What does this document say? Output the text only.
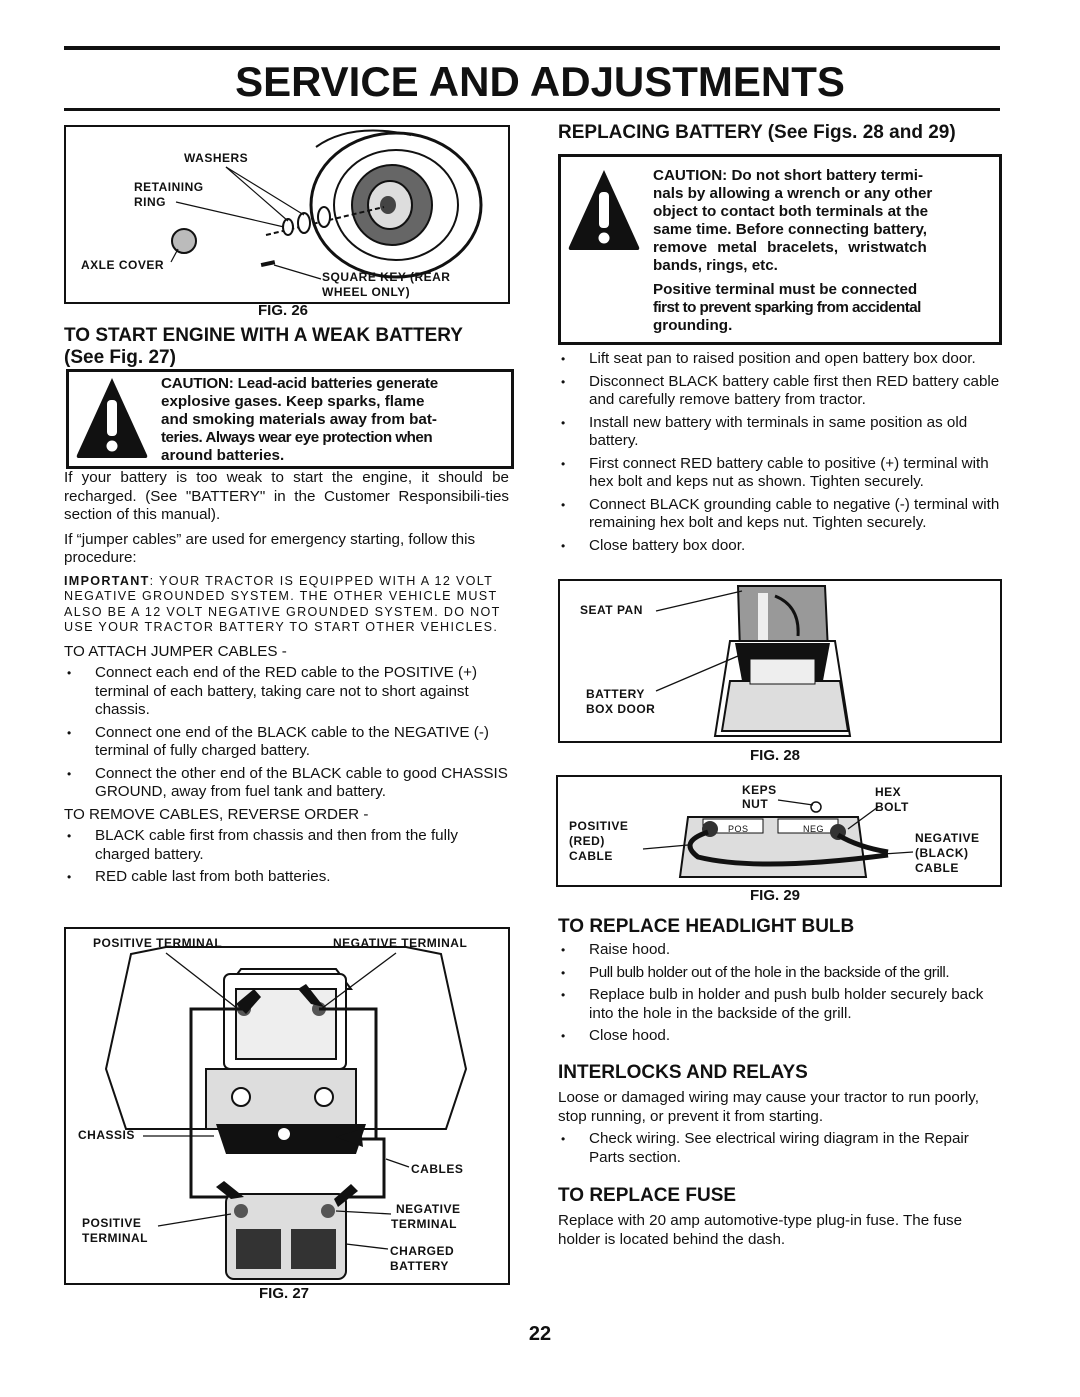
SERVICE AND ADJUSTMENTS
WASHERS
RETAINING
RING
AXLE COVER
SQUARE KEY (REAR
WHEEL ONLY)
FIG. 26
TO START ENGINE WITH A WEAK BATTERY
(See Fig. 27)
CAUTION: Lead-acid batteries generate
explosive gases. Keep sparks, flame
and smoking materials away from bat-
teries. Always wear eye protection when
around batteries.

If your battery is too weak to start the engine, it should be recharged. (See "BATTERY" in the Customer Responsibili-ties section of this manual).

If “jumper cables” are used for emergency starting, follow this procedure:

IMPORTANT: YOUR TRACTOR IS EQUIPPED WITH A 12 VOLT NEGATIVE GROUNDED SYSTEM. THE OTHER VEHICLE MUST ALSO BE A 12 VOLT NEGATIVE GROUNDED SYSTEM. DO NOT USE YOUR TRACTOR BATTERY TO START OTHER VEHICLES.

TO ATTACH JUMPER CABLES -

• Connect each end of the RED cable to the POSITIVE (+) terminal of each battery, taking care not to short against chassis.
• Connect one end of the BLACK cable to the NEGATIVE (-) terminal of fully charged battery.
• Connect the other end of the BLACK cable to good CHASSIS GROUND, away from fuel tank and battery.

TO REMOVE CABLES, REVERSE ORDER -

• BLACK cable first from chassis and then from the fully charged battery.
• RED cable last from both batteries.
POSITIVE TERMINAL	NEGATIVE TERMINAL
CHASSIS
CABLES
POSITIVE
TERMINAL
NEGATIVE
TERMINAL
CHARGED
BATTERY
FIG. 27
REPLACING BATTERY (See Figs. 28 and 29)
CAUTION: Do not short battery termi-
nals by allowing a wrench or any other
object to contact both terminals at the
same time. Before connecting battery,
remove metal bracelets, wristwatch
bands, rings, etc.
Positive terminal must be connected
first to prevent sparking from accidental
grounding.
• Lift seat pan to raised position and open battery box door.
• Disconnect BLACK battery cable first then RED battery cable and carefully remove battery from tractor.
• Install new battery with terminals in same position as old battery.
• First connect RED battery cable to positive (+) terminal with hex bolt and keps nut as shown. Tighten securely.
• Connect BLACK grounding cable to negative (-) terminal with remaining hex bolt and keps nut. Tighten securely.
• Close battery box door.
SEAT PAN
BATTERY
BOX DOOR
FIG. 28
POS	NEG
KEPS
NUT
HEX
BOLT
POSITIVE
(RED)
CABLE
NEGATIVE
(BLACK)
CABLE
FIG. 29
TO REPLACE HEADLIGHT BULB
• Raise hood.
• Pull bulb holder out of the hole in the backside of the grill.
• Replace bulb in holder and push bulb holder securely back into the hole in the backside of the grill.
• Close hood.
INTERLOCKS AND RELAYS

Loose or damaged wiring may cause your tractor to run poorly, stop running, or prevent it from starting.

• Check wiring. See electrical wiring diagram in the Repair Parts section.
TO REPLACE FUSE

Replace with 20 amp automotive-type plug-in fuse. The fuse holder is located behind the dash.

22
